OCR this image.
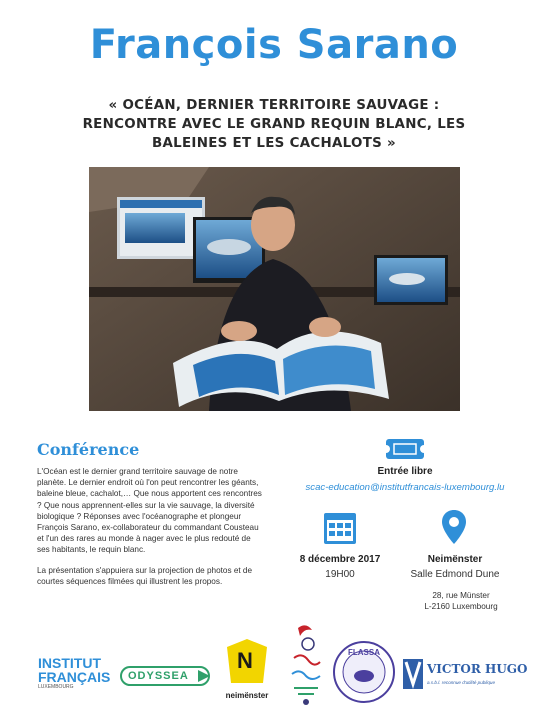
François Sarano
« OCÉAN, DERNIER TERRITOIRE SAUVAGE :
RENCONTRE AVEC LE GRAND REQUIN BLANC, LES
BALEINES ET LES CACHALOTS »
Conférence

L'Océan est le dernier grand territoire sauvage de notre planète. Le dernier endroit où l'on peut rencontrer les géants, baleine bleue, cachalot,… Que nous apportent ces rencontres ? Que nous apprennent-elles sur la vie sauvage, la diversité biologique ? Réponses avec l'océanographe et plongeur François Sarano, ex-collaborateur du commandant Cousteau et l'un des rares au monde à nager avec le plus redouté de ses habitants, le requin blanc.

La présentation s'appuiera sur la projection de photos et de courtes séquences filmées qui illustrent les propos.

Entrée libre
scac-education@institutfrancais-luxembourg.lu
8 décembre 2017
19H00
Neimënster
Salle Edmond Dune
28, rue Münster
L-2160 Luxembourg
INSTITUT
FRANÇAIS
LUXEMBOURG
ODYSSEA
N
neimënster
FLASSA
VICTOR HUGO
a.s.b.l. reconnue d'utilité publique
